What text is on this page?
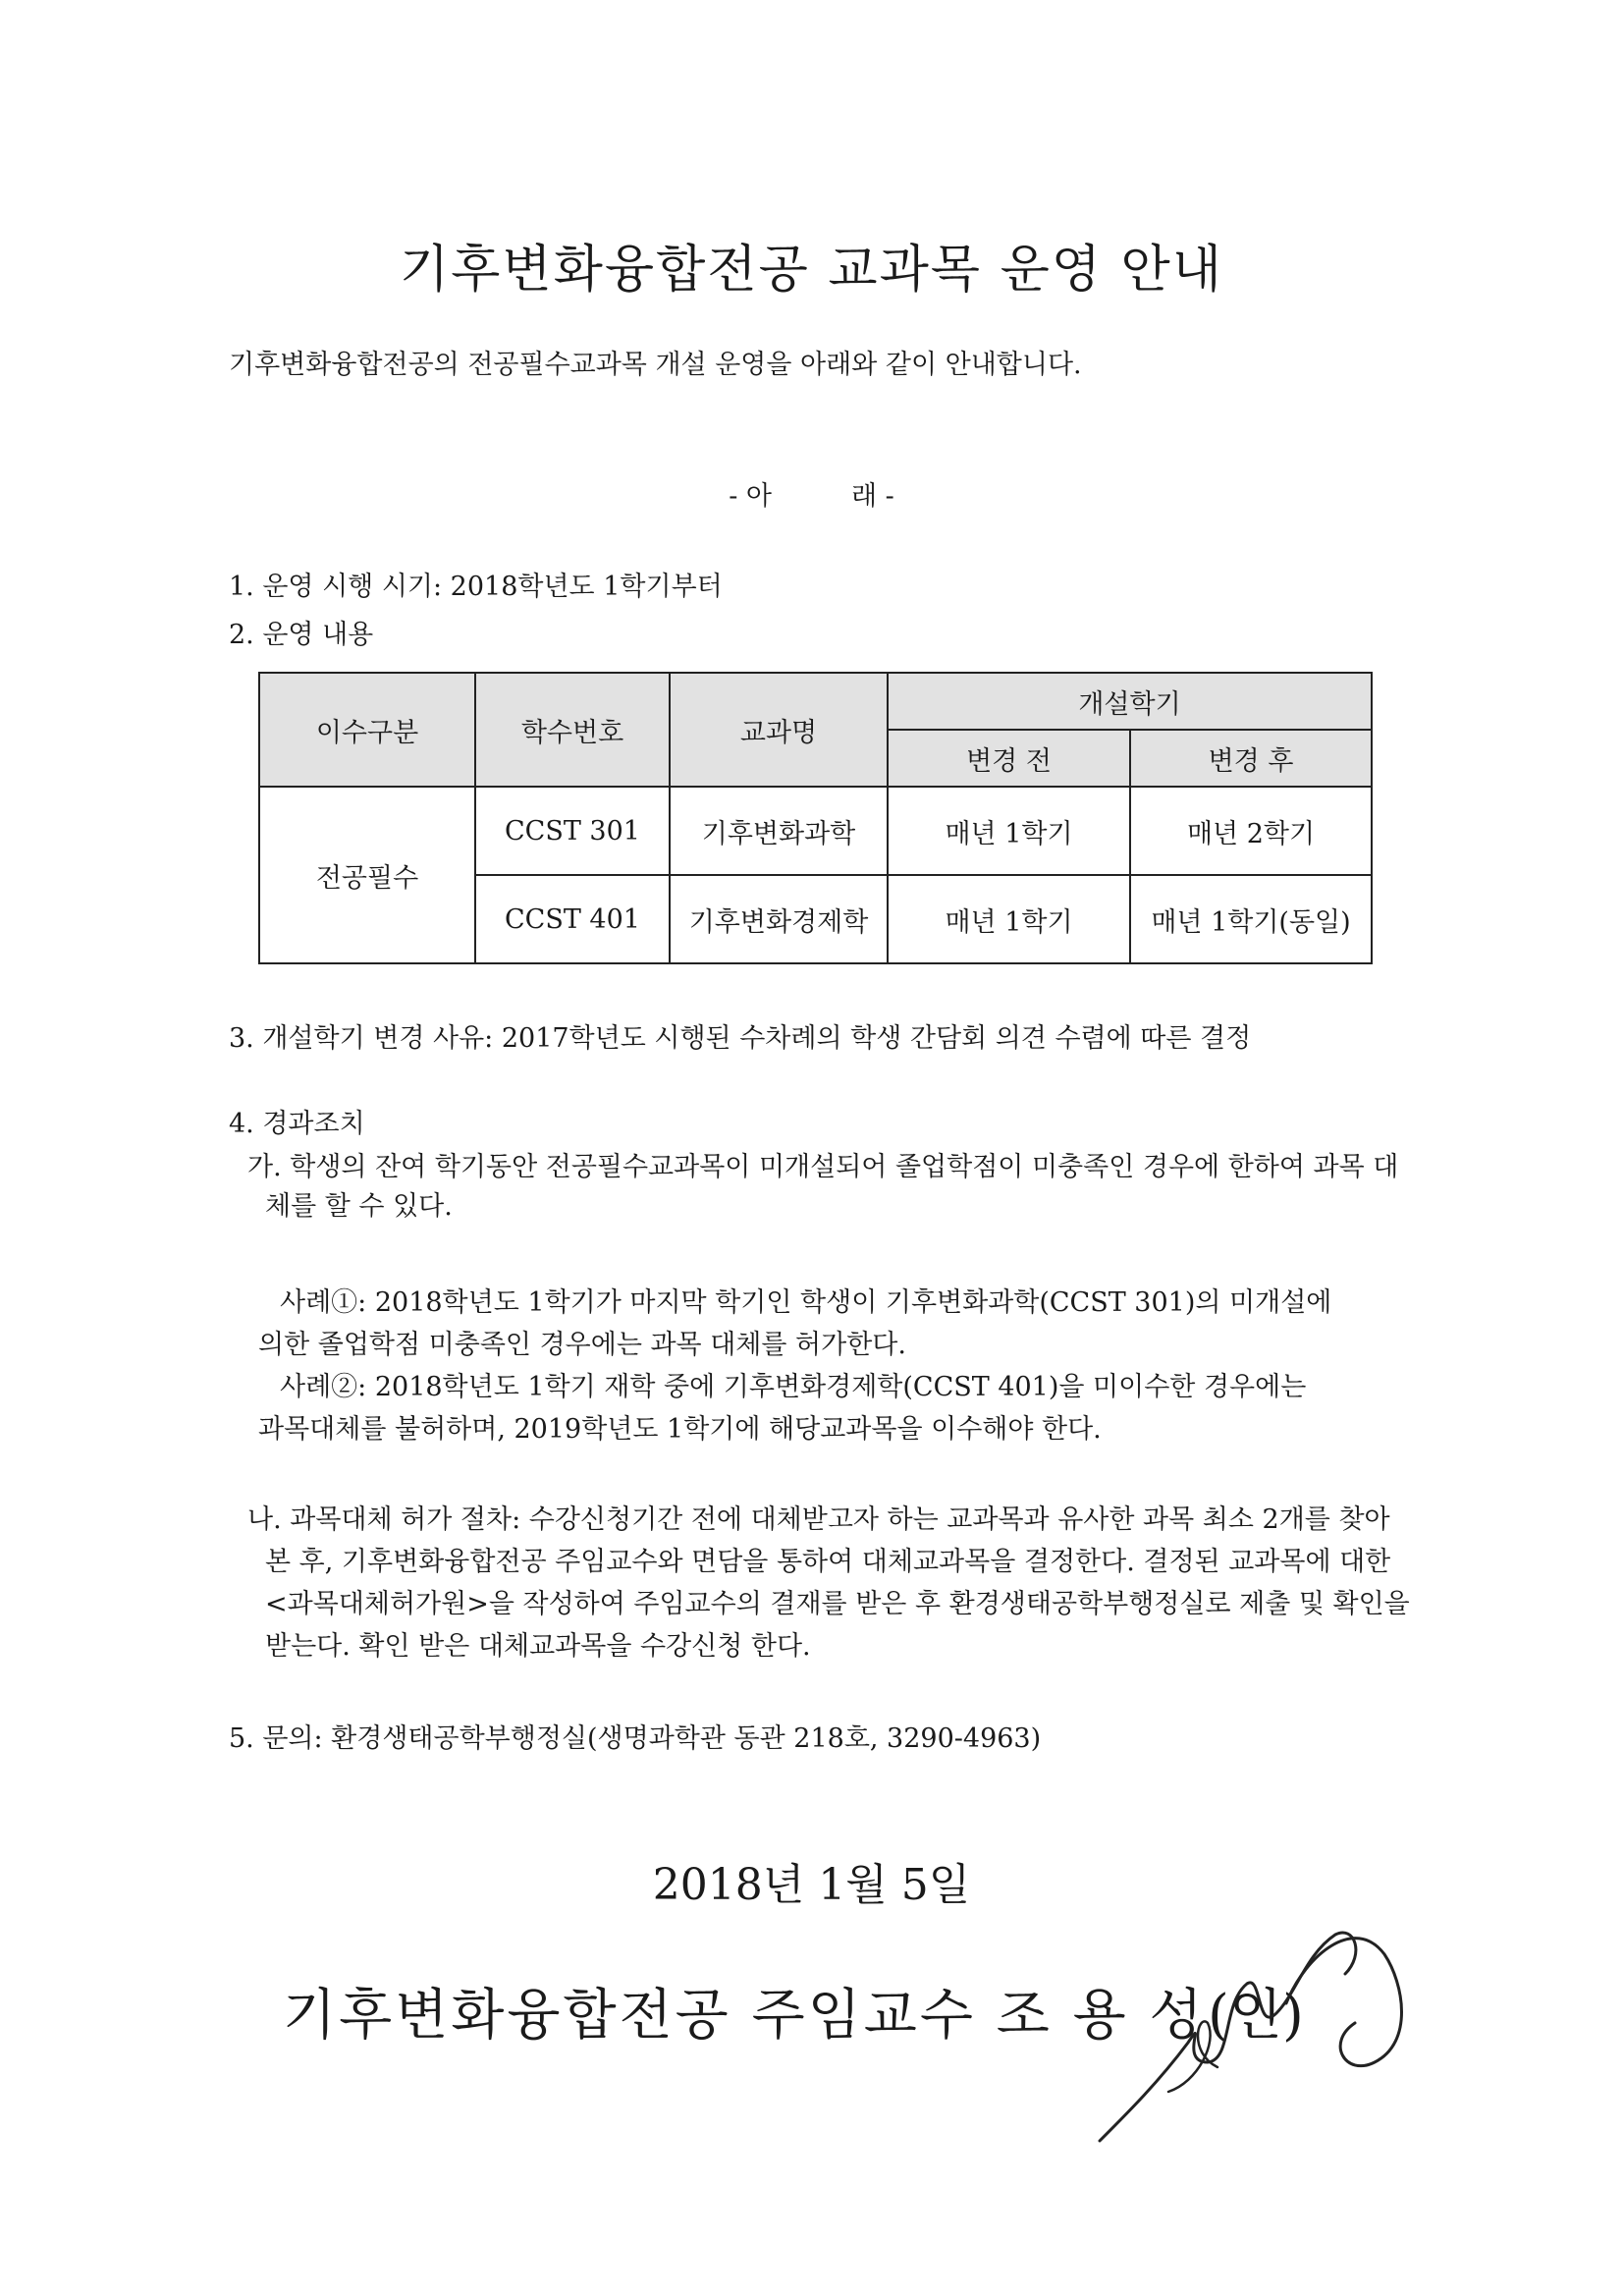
기후변화융합전공 교과목 운영 안내
기후변화융합전공의 전공필수교과목 개설 운영을 아래와 같이 안내합니다.
- 아　　　래 -
1. 운영 시행 시기: 2018학년도 1학기부터
2. 운영 내용
이수구분	학수번호	교과명	개설학기	
			변경 전	변경 후
전공필수	CCST 301	기후변화과학	매년 1학기	매년 2학기
	CCST 401	기후변화경제학	매년 1학기	매년 1학기(동일)
3. 개설학기 변경 사유: 2017학년도 시행된 수차례의 학생 간담회 의견 수렴에 따른 결정
4. 경과조치
가. 학생의 잔여 학기동안 전공필수교과목이 미개설되어 졸업학점이 미충족인 경우에 한하여 과목 대체를 할 수 있다.
사례①: 2018학년도 1학기가 마지막 학기인 학생이 기후변화과학(CCST 301)의 미개설에
의한 졸업학점 미충족인 경우에는 과목 대체를 허가한다.
사례②: 2018학년도 1학기 재학 중에 기후변화경제학(CCST 401)을 미이수한 경우에는
과목대체를 불허하며, 2019학년도 1학기에 해당교과목을 이수해야 한다.
나. 과목대체 허가 절차: 수강신청기간 전에 대체받고자 하는 교과목과 유사한 과목 최소 2개를 찾아본 후, 기후변화융합전공 주임교수와 면담을 통하여 대체교과목을 결정한다. 결정된 교과목에 대한 <과목대체허가원>을 작성하여 주임교수의 결재를 받은 후 환경생태공학부행정실로 제출 및 확인을 받는다. 확인 받은 대체교과목을 수강신청 한다.
5. 문의: 환경생태공학부행정실(생명과학관 동관 218호, 3290-4963)
2018년 1월 5일
기후변화융합전공 주임교수 조 용 성 (인)
